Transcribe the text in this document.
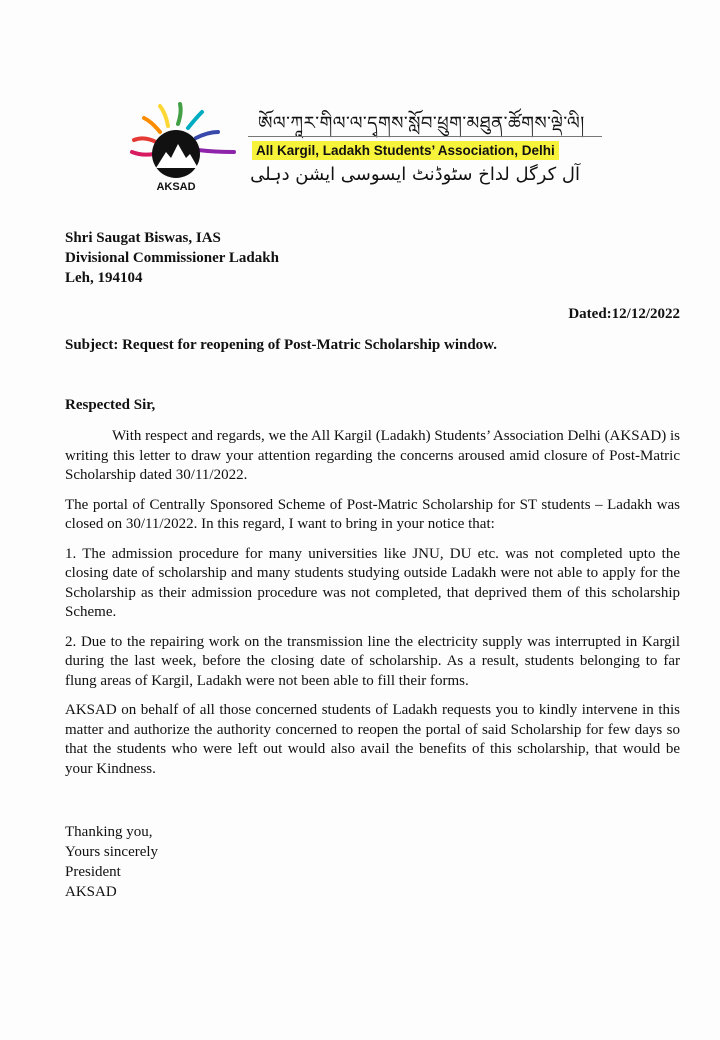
AKSAD
ཨོལ་ཀཱར་གིལ་ལ་དྭགས་སློབ་ཕྲུག་མཐུན་ཚོགས་ལྡེ་ལི།
All Kargil, Ladakh Students’ Association, Delhi
آل کرگل لداخ سٹوڈنٹ ایسوسی ایشن دہلی
Shri Saugat Biswas, IAS
Divisional Commissioner Ladakh
Leh, 194104
Dated:12/12/2022
Subject: Request for reopening of Post-Matric Scholarship window.
Respected Sir,

With respect and regards, we the All Kargil (Ladakh) Students’ Association Delhi (AKSAD) is writing this letter to draw your attention regarding the concerns aroused amid closure of Post-Matric Scholarship dated 30/11/2022.

The portal of Centrally Sponsored Scheme of Post-Matric Scholarship for ST students – Ladakh was closed on 30/11/2022. In this regard, I want to bring in your notice that:

1. The admission procedure for many universities like JNU, DU etc. was not completed upto the closing date of scholarship and many students studying outside Ladakh were not able to apply for the Scholarship as their admission procedure was not completed, that deprived them of this scholarship Scheme.

2. Due to the repairing work on the transmission line the electricity supply was interrupted in Kargil during the last week, before the closing date of scholarship. As a result, students belonging to far flung areas of Kargil, Ladakh were not been able to fill their forms.

AKSAD on behalf of all those concerned students of Ladakh requests you to kindly intervene in this matter and authorize the authority concerned to reopen the portal of said Scholarship for few days so that the students who were left out would also avail the benefits of this scholarship, that would be your Kindness.

Thanking you,
Yours sincerely
President
AKSAD
